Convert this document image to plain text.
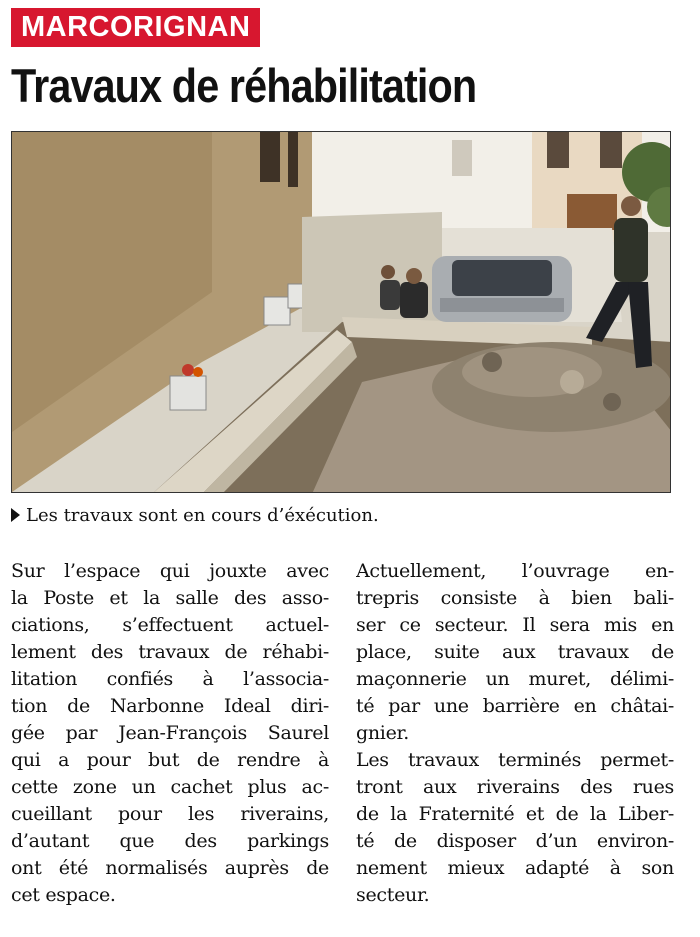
MARCORIGNAN
Travaux de réhabilitation
Les travaux sont en cours d’éxécution.
Sur l’espace qui jouxte avec
la Poste et la salle des asso-
ciations, s’effectuent actuel-
lement des travaux de réhabi-
litation confiés à l’associa-
tion de Narbonne Ideal diri-
gée par Jean-François Saurel
qui a pour but de rendre à
cette zone un cachet plus ac-
cueillant pour les riverains,
d’autant que des parkings
ont été normalisés auprès de
cet espace.
Actuellement, l’ouvrage en-
trepris consiste à bien bali-
ser ce secteur. Il sera mis en
place, suite aux travaux de
maçonnerie un muret, délimi-
té par une barrière en châtai-
gnier.
Les travaux terminés permet-
tront aux riverains des rues
de la Fraternité et de la Liber-
té de disposer d’un environ-
nement mieux adapté à son
secteur.
